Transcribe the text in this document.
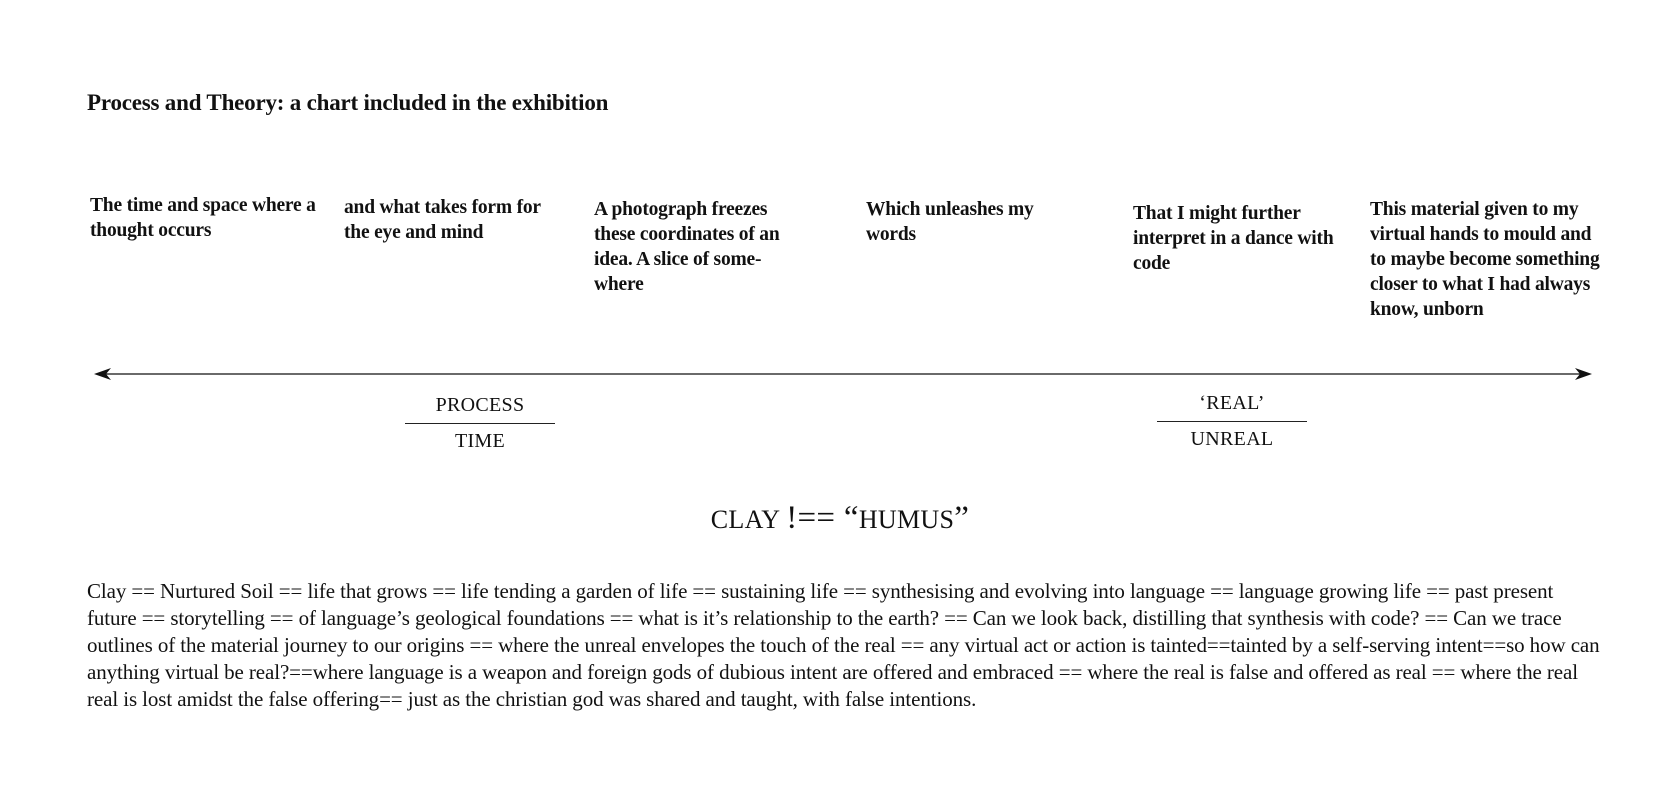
Process and Theory: a chart included in the exhibition
The time and space where a thought occurs
and what takes form for the eye and mind
A photograph freezes these coordinates of an idea. A slice of some-where
Which unleashes my words
That I might further interpret in a dance with code
This material given to my virtual hands to mould and to maybe become something closer to what I had always know, unborn
PROCESS
TIME
‘REAL’
UNREAL
CLAY !== “HUMUS”
Clay == Nurtured Soil == life that grows == life tending a garden of life == sustaining life == synthesising and evolving into language == language growing life == past present future == storytelling == of language’s geological foundations == what is it’s relationship to the earth? == Can we look back, distilling that synthesis with code? == Can we trace outlines of the material journey to our origins == where the unreal envelopes the touch of the real == any virtual act or action is tainted==tainted by a self-serving intent==so how can anything virtual be real?==where language is a weapon and foreign gods of dubious intent are offered and embraced == where the real is false and offered as real == where the real real is lost amidst the false offering== just as the christian god was shared and taught, with false intentions.
